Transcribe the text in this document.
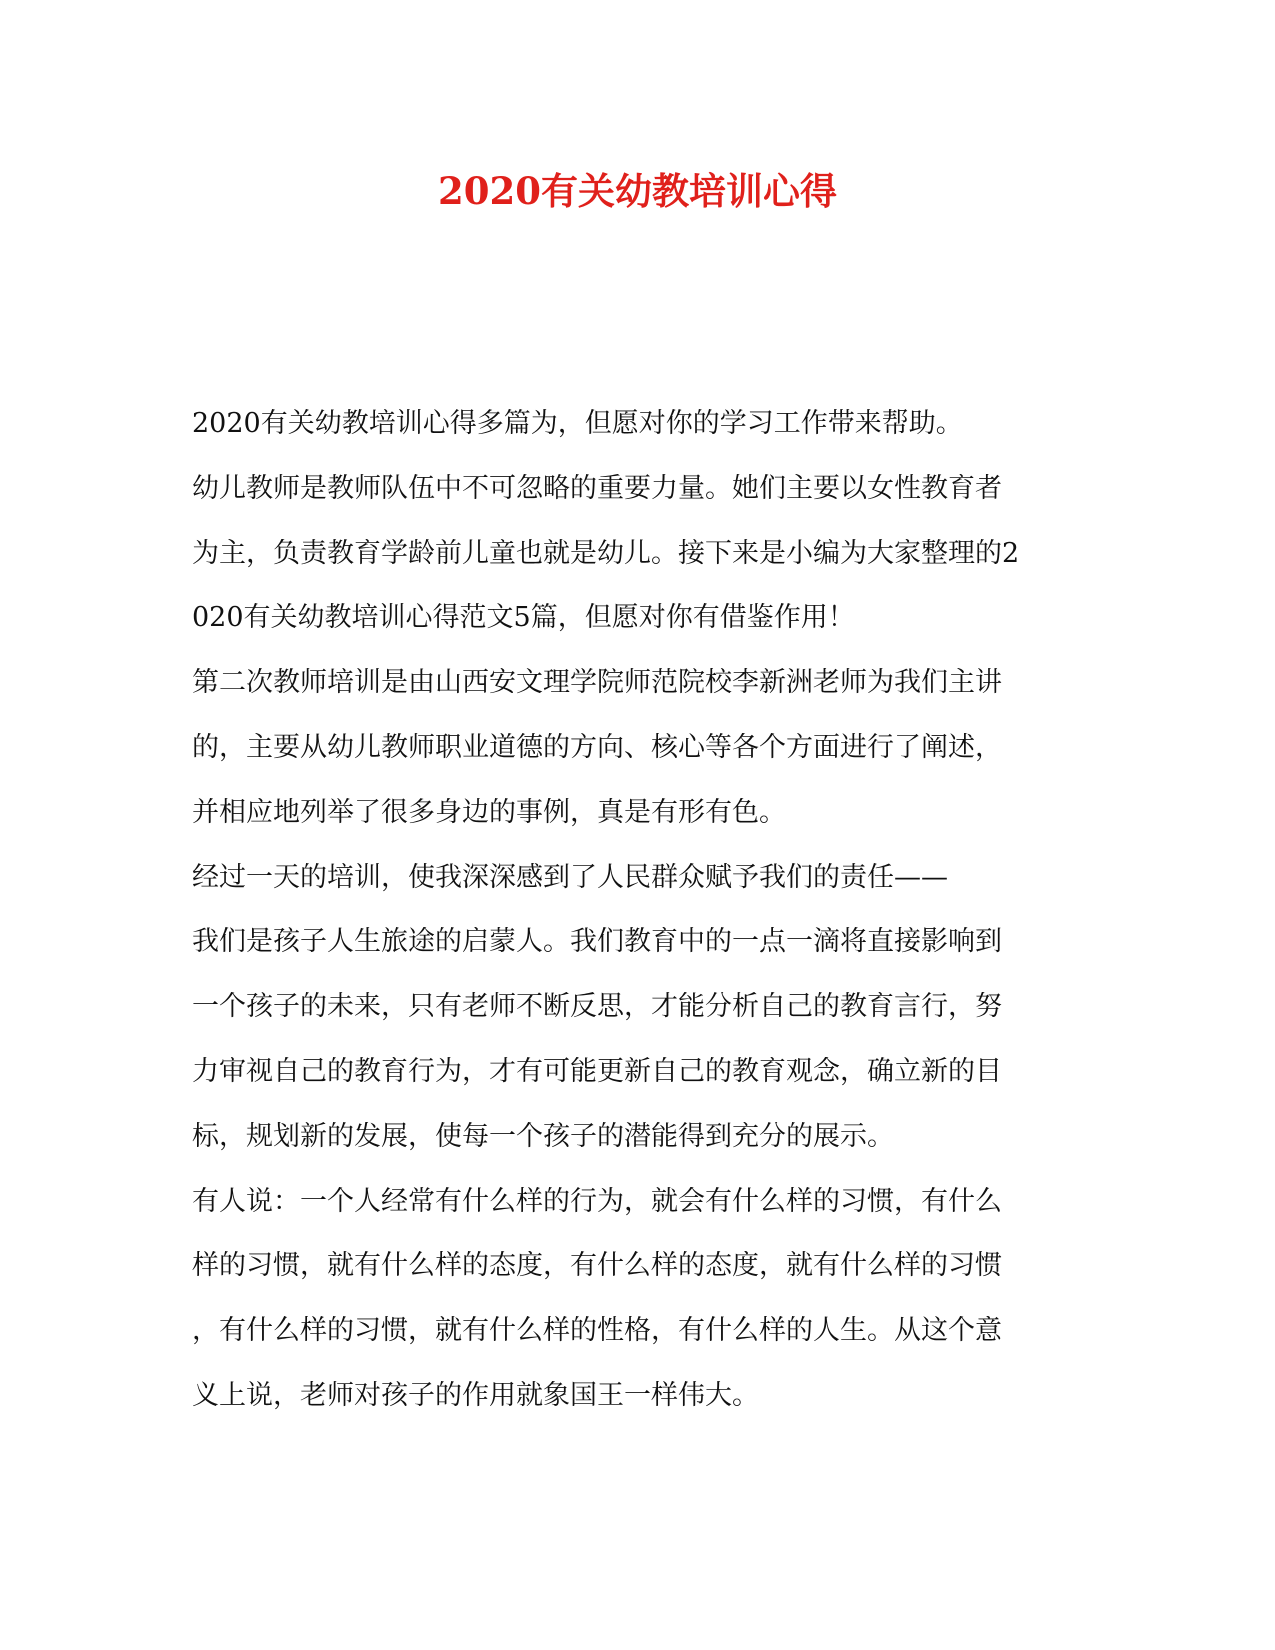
2020有关幼教培训心得
2020有关幼教培训心得多篇为，但愿对你的学习工作带来帮助。
幼儿教师是教师队伍中不可忽略的重要力量。她们主要以女性教育者
为主，负责教育学龄前儿童也就是幼儿。接下来是小编为大家整理的2
020有关幼教培训心得范文5篇，但愿对你有借鉴作用！
第二次教师培训是由山西安文理学院师范院校李新洲老师为我们主讲
的，主要从幼儿教师职业道德的方向、核心等各个方面进行了阐述，
并相应地列举了很多身边的事例，真是有形有色。
经过一天的培训，使我深深感到了人民群众赋予我们的责任——
我们是孩子人生旅途的启蒙人。我们教育中的一点一滴将直接影响到
一个孩子的未来，只有老师不断反思，才能分析自己的教育言行，努
力审视自己的教育行为，才有可能更新自己的教育观念，确立新的目
标，规划新的发展，使每一个孩子的潜能得到充分的展示。
有人说：一个人经常有什么样的行为，就会有什么样的习惯，有什么
样的习惯，就有什么样的态度，有什么样的态度，就有什么样的习惯
，有什么样的习惯，就有什么样的性格，有什么样的人生。从这个意
义上说，老师对孩子的作用就象国王一样伟大。
